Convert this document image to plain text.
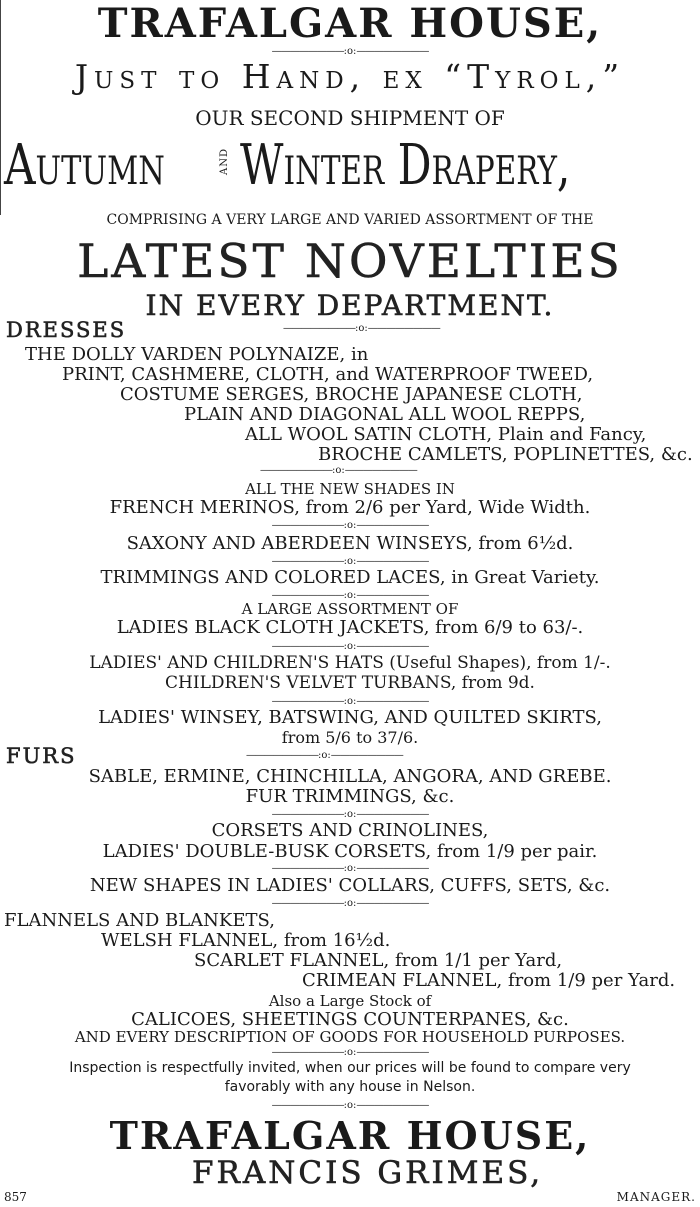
TRAFALGAR HOUSE,
———————— :o: ————————
Just to Hand, ex “Tyrol,”
OUR SECOND SHIPMENT OF
Autumn	AND Winter Drapery,
COMPRISING A VERY LARGE AND VARIED ASSORTMENT OF THE
LATEST NOVELTIES
IN EVERY DEPARTMENT.
DRESSES	———————— :o: ————————
THE DOLLY VARDEN POLYNAIZE, in
PRINT, CASHMERE, CLOTH, and WATERPROOF TWEED,
COSTUME SERGES, BROCHE JAPANESE CLOTH,
PLAIN AND DIAGONAL ALL WOOL REPPS,
ALL WOOL SATIN CLOTH, Plain and Fancy,
BROCHE CAMLETS, POPLINETTES, &c.
———————— :o: ————————
ALL THE NEW SHADES IN
FRENCH MERINOS, from 2/6 per Yard, Wide Width.
———————— :o: ————————
SAXONY AND ABERDEEN WINSEYS, from 6½d.
———————— :o: ————————
TRIMMINGS AND COLORED LACES, in Great Variety.
———————— :o: ————————
A LARGE ASSORTMENT OF
LADIES BLACK CLOTH JACKETS, from 6/9 to 63/-.
———————— :o: ————————
LADIES' AND CHILDREN'S HATS (Useful Shapes), from 1/-.
CHILDREN'S VELVET TURBANS, from 9d.
———————— :o: ————————
LADIES' WINSEY, BATSWING, AND QUILTED SKIRTS,
from 5/6 to 37/6.
FURS	———————— :o: ————————
SABLE, ERMINE, CHINCHILLA, ANGORA, AND GREBE.
FUR TRIMMINGS, &c.
———————— :o: ————————
CORSETS AND CRINOLINES,
LADIES' DOUBLE-BUSK CORSETS, from 1/9 per pair.
———————— :o: ————————
NEW SHAPES IN LADIES' COLLARS, CUFFS, SETS, &c.
———————— :o: ————————
FLANNELS AND BLANKETS,
WELSH FLANNEL, from 16½d.
SCARLET FLANNEL, from 1/1 per Yard,
CRIMEAN FLANNEL, from 1/9 per Yard.
Also a Large Stock of
CALICOES, SHEETINGS COUNTERPANES, &c.
AND EVERY DESCRIPTION OF GOODS FOR HOUSEHOLD PURPOSES.
———————— :o: ————————
Inspection is respectfully invited, when our prices will be found to compare very
favorably with any house in Nelson.
———————— :o: ————————
TRAFALGAR HOUSE,
FRANCIS GRIMES,
857	MANAGER.
